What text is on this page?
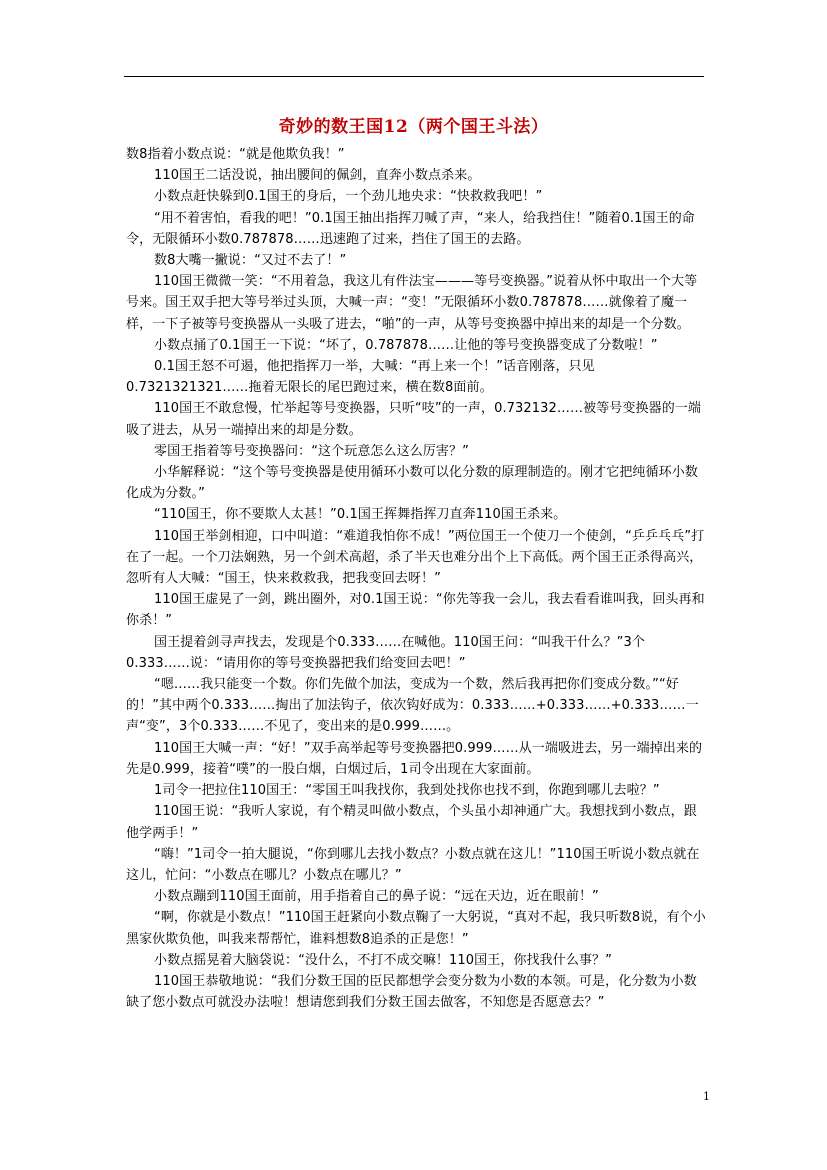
奇妙的数王国12（两个国王斗法）

数8指着小数点说：“就是他欺负我！”

110国王二话没说，抽出腰间的佩剑，直奔小数点杀来。

小数点赶快躲到0.1国王的身后，一个劲儿地央求：“快救救我吧！”

“用不着害怕，看我的吧！”0.1国王抽出指挥刀喊了声，“来人，给我挡住！”随着0.1国王的命令，无限循环小数0.787878……迅速跑了过来，挡住了国王的去路。

数8大嘴一撇说：“又过不去了！”

110国王微微一笑：“不用着急，我这儿有件法宝———等号变换器。”说着从怀中取出一个大等号来。国王双手把大等号举过头顶，大喊一声：“变！”无限循环小数0.787878……就像着了魔一样，一下子被等号变换器从一头吸了进去，“啪”的一声，从等号变换器中掉出来的却是一个分数。

小数点捅了0.1国王一下说：“坏了，0.787878……让他的等号变换器变成了分数啦！”

0.1国王怒不可遏，他把指挥刀一举，大喊：“再上来一个！”话音刚落，只见0.7321321321……拖着无限长的尾巴跑过来，横在数8面前。

110国王不敢怠慢，忙举起等号变换器，只听“吱”的一声，0.732132……被等号变换器的一端吸了进去，从另一端掉出来的却是分数。

零国王指着等号变换器问：“这个玩意怎么这么厉害？”

小华解释说：“这个等号变换器是使用循环小数可以化分数的原理制造的。刚才它把纯循环小数化成为分数。”

“110国王，你不要欺人太甚！”0.1国王挥舞指挥刀直奔110国王杀来。

110国王举剑相迎，口中叫道：“难道我怕你不成！”两位国王一个使刀一个使剑，“乒乒乓乓”打在了一起。一个刀法娴熟，另一个剑术高超，杀了半天也难分出个上下高低。两个国王正杀得高兴，忽听有人大喊：“国王，快来救救我，把我变回去呀！”

110国王虚晃了一剑，跳出圈外，对0.1国王说：“你先等我一会儿，我去看看谁叫我，回头再和你杀！”

国王提着剑寻声找去，发现是个0.333……在喊他。110国王问：“叫我干什么？”3个0.333……说：“请用你的等号变换器把我们给变回去吧！”

“嗯……我只能变一个数。你们先做个加法，变成为一个数，然后我再把你们变成分数。”“好的！”其中两个0.333……掏出了加法钩子，依次钩好成为：0.333……+0.333……+0.333……一声“变”，3个0.333……不见了，变出来的是0.999……。

110国王大喊一声：“好！”双手高举起等号变换器把0.999……从一端吸进去，另一端掉出来的先是0.999，接着“噗”的一股白烟，白烟过后，1司令出现在大家面前。

1司令一把拉住110国王：“零国王叫我找你，我到处找你也找不到，你跑到哪儿去啦？”

110国王说：“我听人家说，有个精灵叫做小数点，个头虽小却神通广大。我想找到小数点，跟他学两手！”

“嗨！”1司令一拍大腿说，“你到哪儿去找小数点？小数点就在这儿！”110国王听说小数点就在这儿，忙问：“小数点在哪儿？小数点在哪儿？”

小数点蹦到110国王面前，用手指着自己的鼻子说：“远在天边，近在眼前！”

“啊，你就是小数点！”110国王赶紧向小数点鞠了一大躬说，“真对不起，我只听数8说，有个小黑家伙欺负他，叫我来帮帮忙，谁料想数8追杀的正是您！”

小数点摇晃着大脑袋说：“没什么，不打不成交嘛！110国王，你找我什么事？”

110国王恭敬地说：“我们分数王国的臣民都想学会变分数为小数的本领。可是，化分数为小数缺了您小数点可就没办法啦！想请您到我们分数王国去做客，不知您是否愿意去？”

1
